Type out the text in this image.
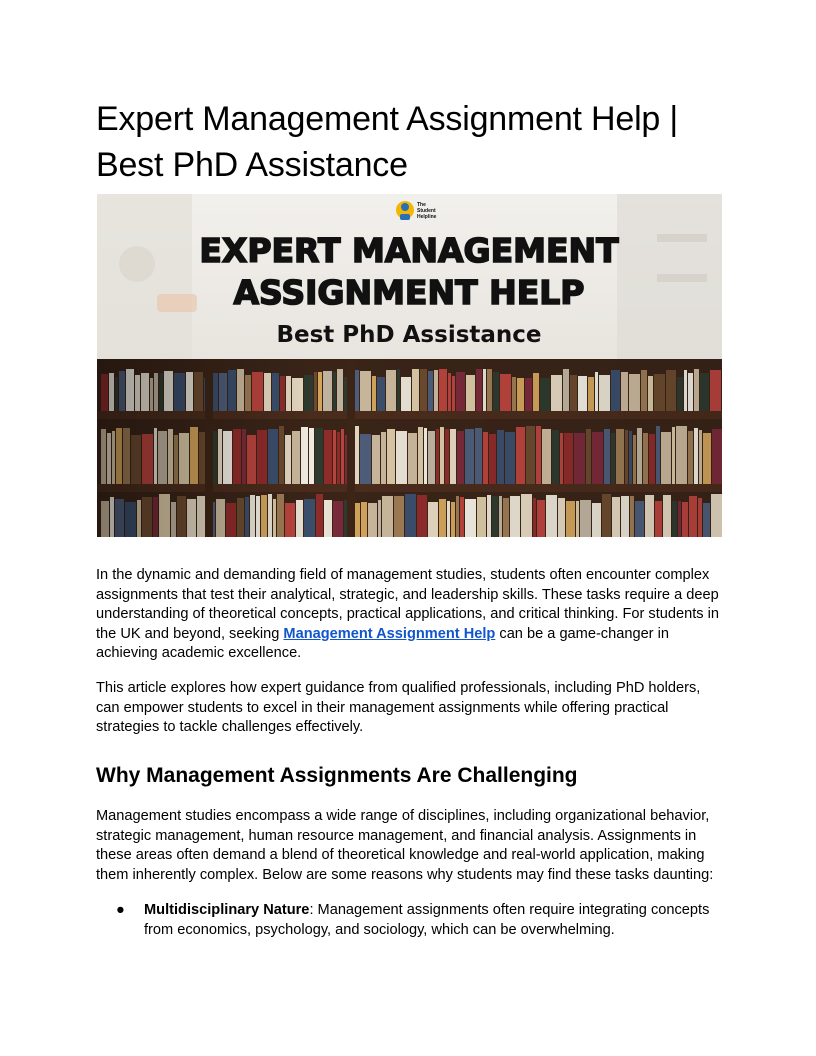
Expert Management Assignment Help | Best PhD Assistance
The
Student
Helpline
EXPERT MANAGEMENT
ASSIGNMENT HELP
Best PhD Assistance

In the dynamic and demanding field of management studies, students often encounter complex assignments that test their analytical, strategic, and leadership skills. These tasks require a deep understanding of theoretical concepts, practical applications, and critical thinking. For students in the UK and beyond, seeking Management Assignment Help can be a game-changer in achieving academic excellence.

This article explores how expert guidance from qualified professionals, including PhD holders, can empower students to excel in their management assignments while offering practical strategies to tackle challenges effectively.

Why Management Assignments Are Challenging

Management studies encompass a wide range of disciplines, including organizational behavior, strategic management, human resource management, and financial analysis. Assignments in these areas often demand a blend of theoretical knowledge and real-world application, making them inherently complex. Below are some reasons why students may find these tasks daunting:

● Multidisciplinary Nature: Management assignments often require integrating concepts from economics, psychology, and sociology, which can be overwhelming.
